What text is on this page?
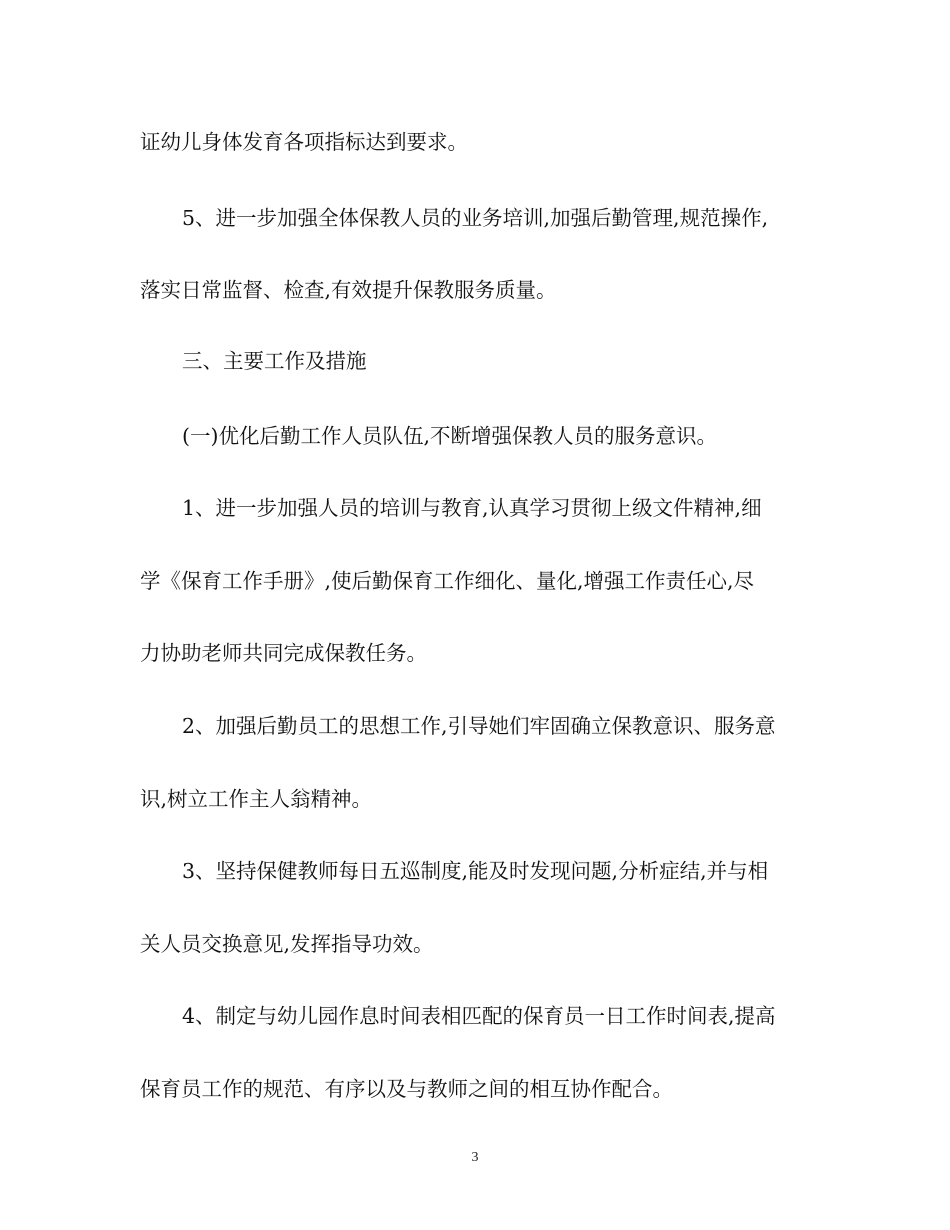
证幼儿身体发育各项指标达到要求。
5、进一步加强全体保教人员的业务培训,加强后勤管理,规范操作,
落实日常监督、检查,有效提升保教服务质量。
三、主要工作及措施
(一)优化后勤工作人员队伍,不断增强保教人员的服务意识。
1、进一步加强人员的培训与教育,认真学习贯彻上级文件精神,细
学《保育工作手册》,使后勤保育工作细化、量化,增强工作责任心,尽
力协助老师共同完成保教任务。
2、加强后勤员工的思想工作,引导她们牢固确立保教意识、服务意
识,树立工作主人翁精神。
3、坚持保健教师每日五巡制度,能及时发现问题,分析症结,并与相
关人员交换意见,发挥指导功效。
4、制定与幼儿园作息时间表相匹配的保育员一日工作时间表,提高
保育员工作的规范、有序以及与教师之间的相互协作配合。
3
